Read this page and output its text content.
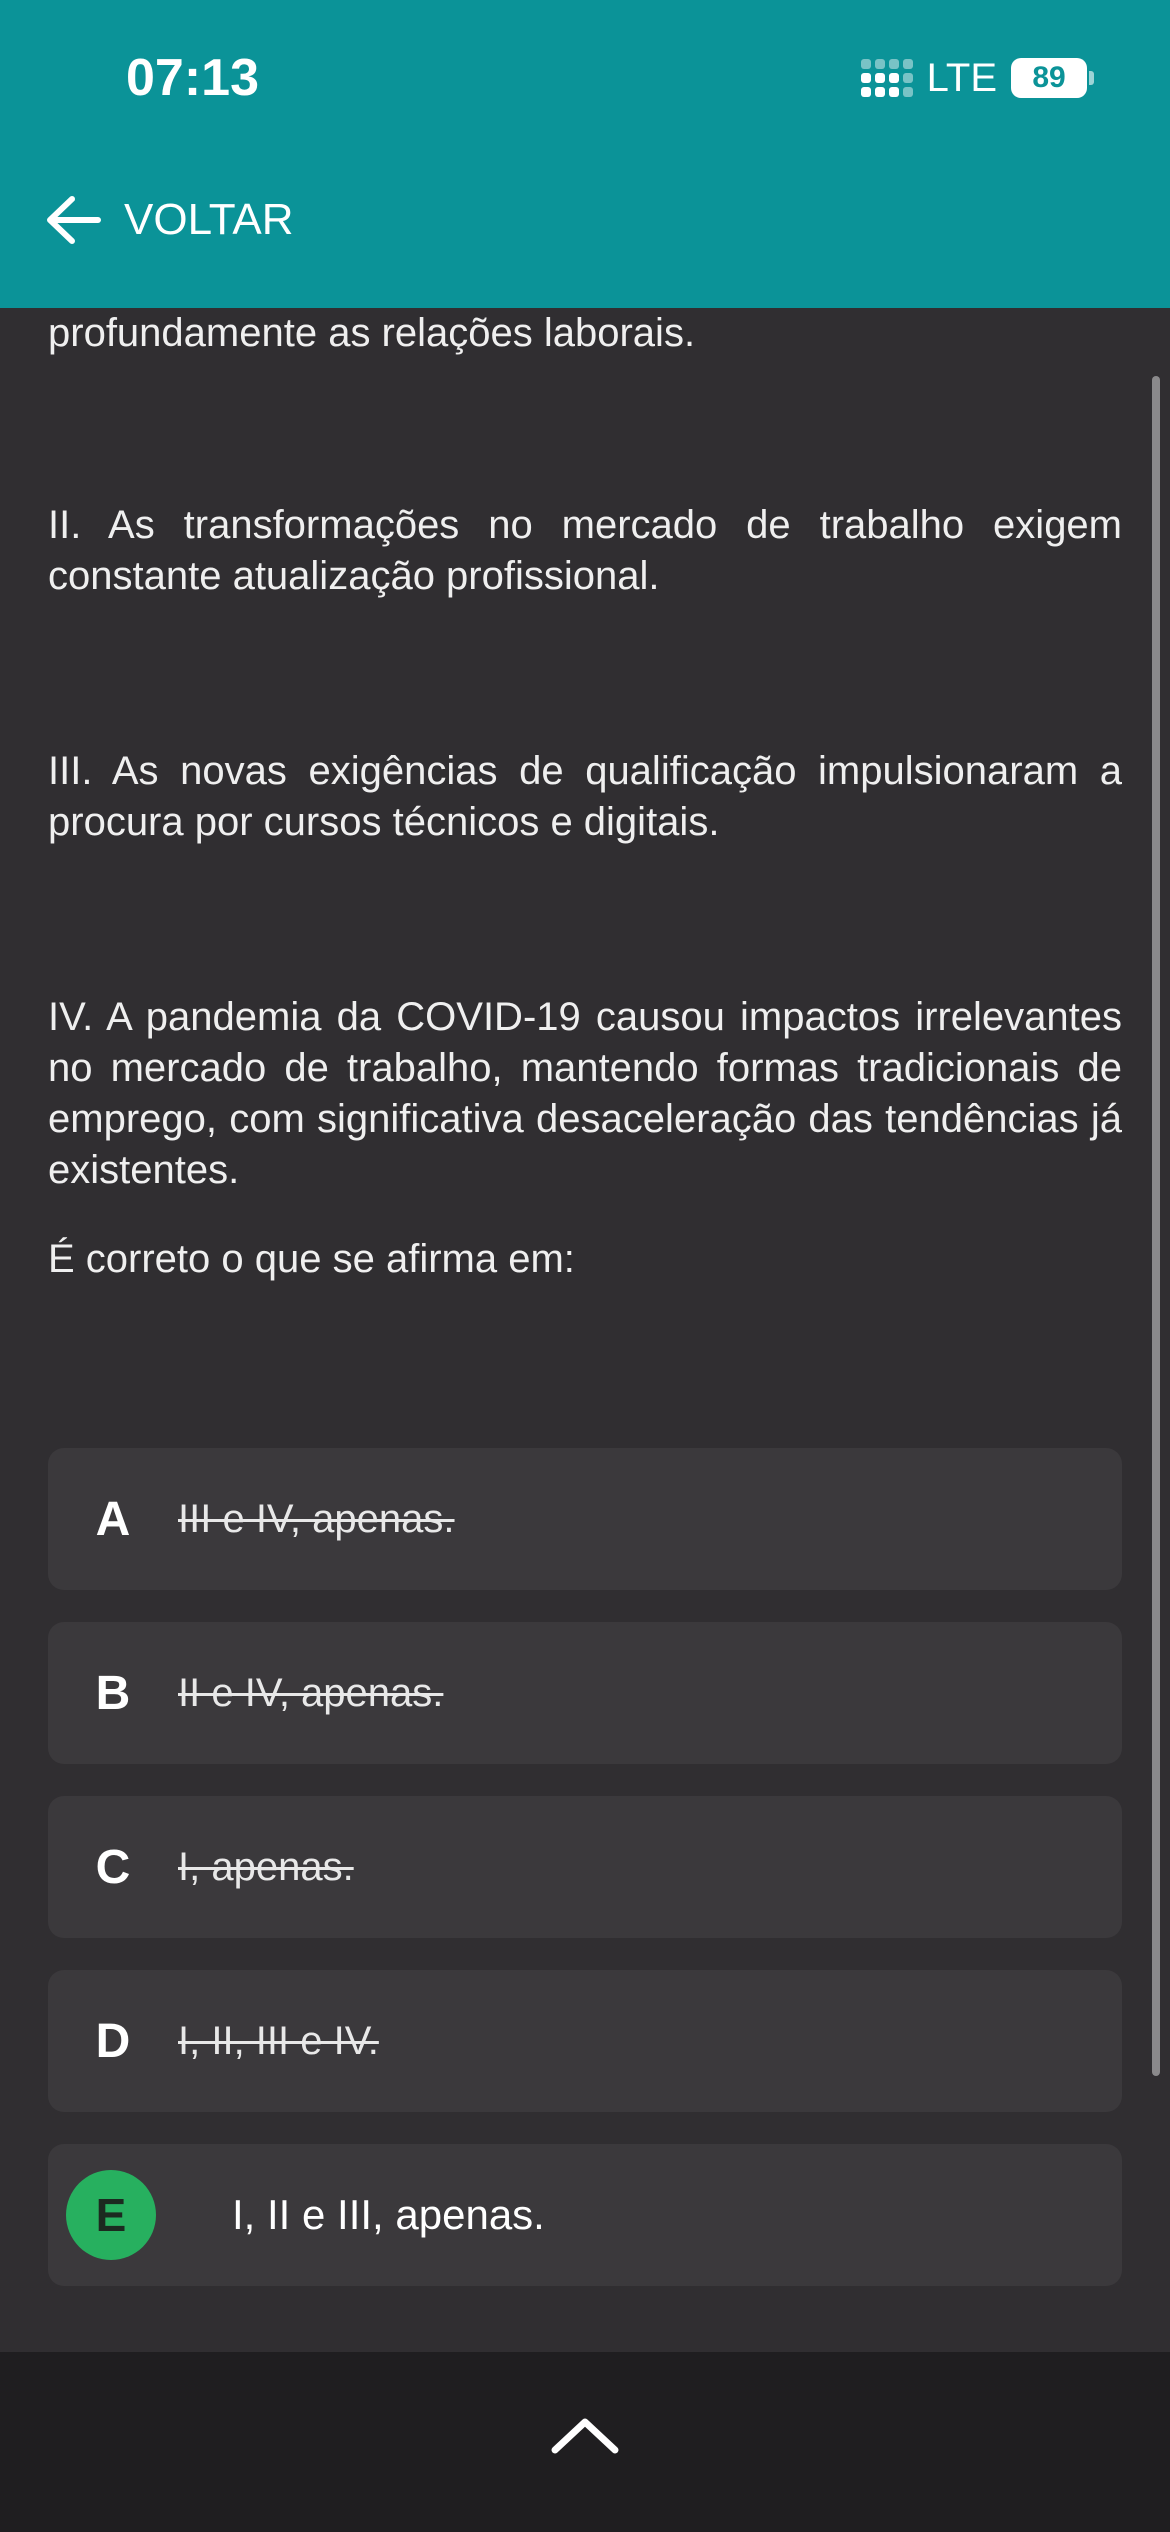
07:13	LTE 89
VOLTAR
profundamente as relações laborais.
II. As transformações no mercado de trabalho exigem constante atualização profissional.
III. As novas exigências de qualificação impulsionaram a procura por cursos técnicos e digitais.
IV. A pandemia da COVID-19 causou impactos irrelevantes no mercado de trabalho, mantendo formas tradicionais de emprego, com significativa desaceleração das tendências já existentes.
É correto o que se afirma em:
A	III e IV, apenas.
B	II e IV, apenas.
C	I, apenas.
D	I, II, III e IV.
E	I, II e III, apenas.
